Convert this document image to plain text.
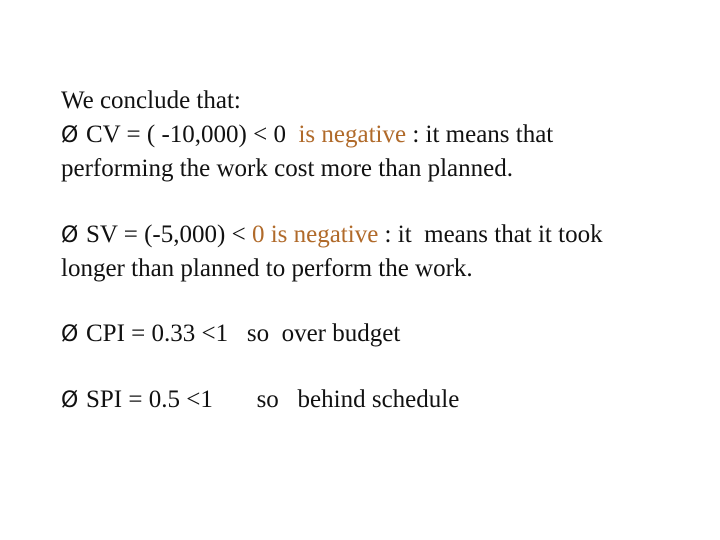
We conclude that:
Ø CV = ( -10,000) < 0  is negative : it means that
performing the work cost more than planned.
Ø SV = (-5,000) < 0 is negative : it  means that it took
longer than planned to perform the work.
Ø CPI = 0.33 <1   so  over budget
Ø SPI = 0.5 <1       so   behind schedule
